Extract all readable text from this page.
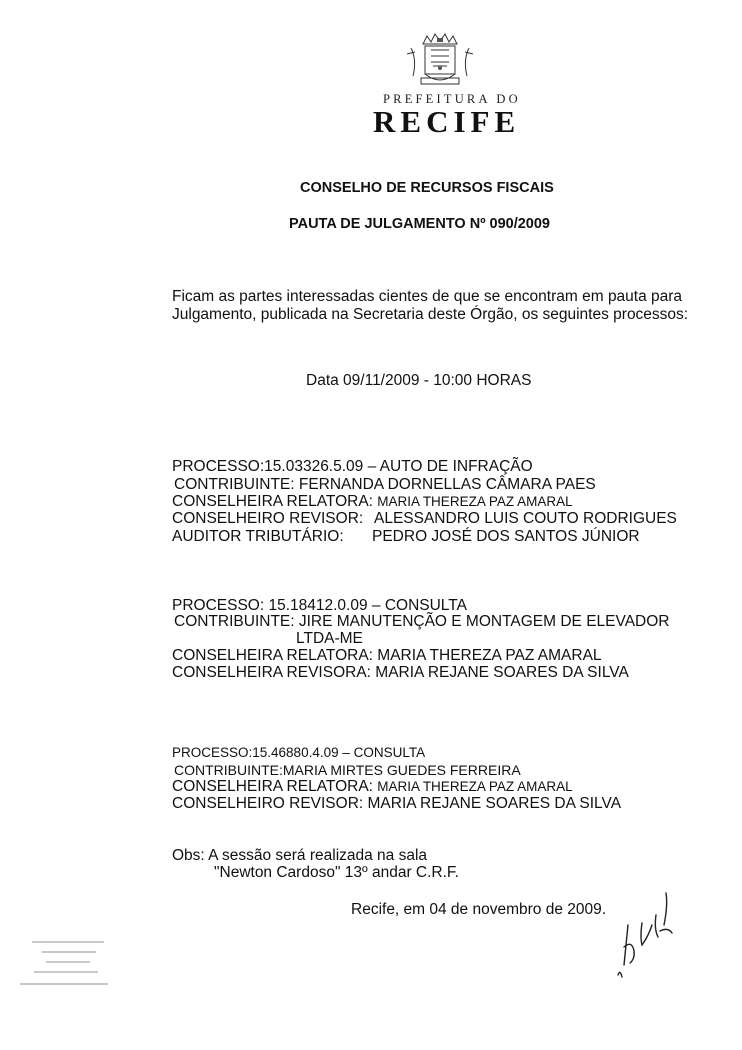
PREFEITURA DO
RECIFE
CONSELHO DE RECURSOS FISCAIS
PAUTA DE JULGAMENTO Nº 090/2009
Ficam as partes interessadas cientes de que se encontram em pauta para
Julgamento, publicada na Secretaria deste Órgão, os seguintes processos:
Data 09/11/2009 - 10:00 HORAS
PROCESSO:15.03326.5.09 – AUTO DE INFRAÇÃO
CONTRIBUINTE: FERNANDA DORNELLAS CÂMARA PAES
CONSELHEIRA RELATORA: MARIA THEREZA PAZ AMARAL
CONSELHEIRO REVISOR: ALESSANDRO LUIS COUTO RODRIGUES
AUDITOR TRIBUTÁRIO: PEDRO JOSÉ DOS SANTOS JÚNIOR
PROCESSO: 15.18412.0.09 – CONSULTA
CONTRIBUINTE: JIRE MANUTENÇÃO E MONTAGEM DE ELEVADOR
LTDA-ME
CONSELHEIRA RELATORA: MARIA THEREZA PAZ AMARAL
CONSELHEIRA REVISORA: MARIA REJANE SOARES DA SILVA
PROCESSO:15.46880.4.09 – CONSULTA
CONTRIBUINTE:MARIA MIRTES GUEDES FERREIRA
CONSELHEIRA RELATORA: MARIA THEREZA PAZ AMARAL
CONSELHEIRO REVISOR: MARIA REJANE SOARES DA SILVA
Obs: A sessão será realizada na sala
"Newton Cardoso" 13º andar C.R.F.
Recife, em 04 de novembro de 2009.
